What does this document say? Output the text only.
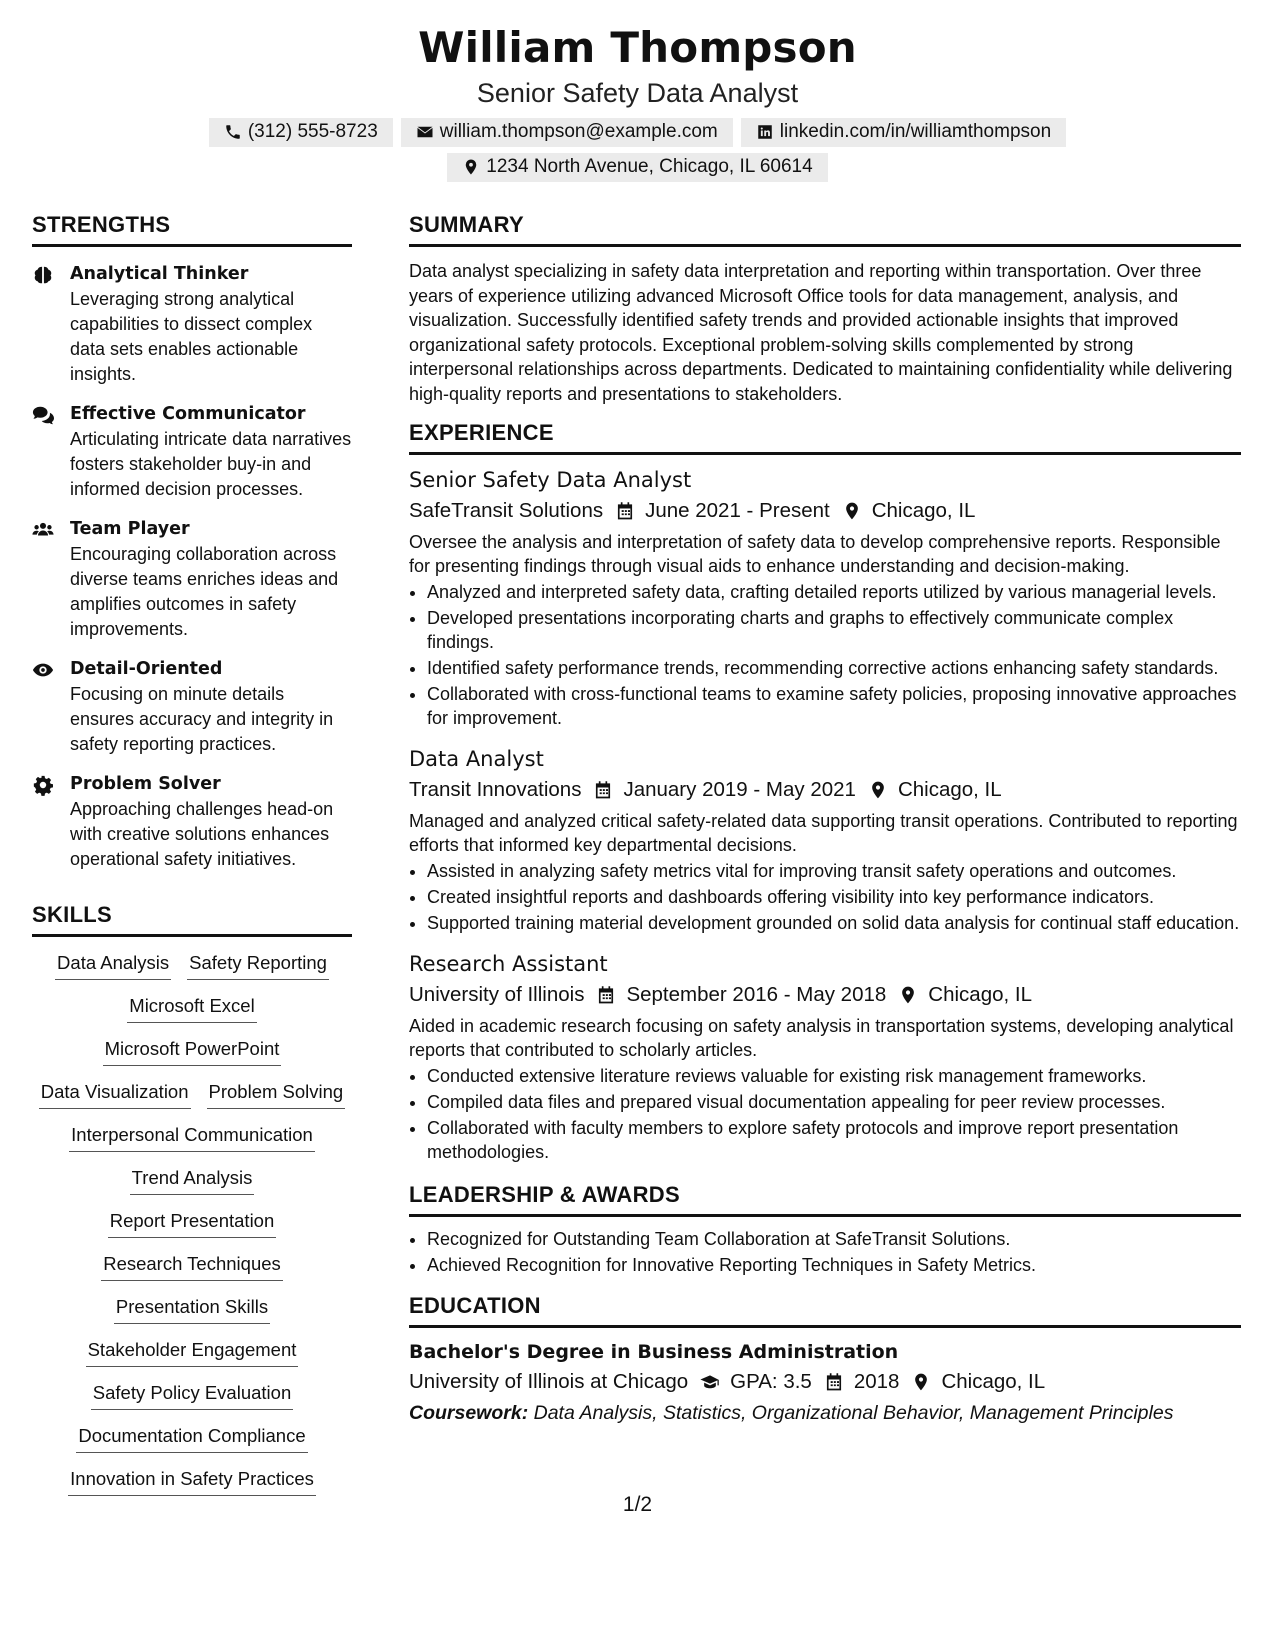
William Thompson
Senior Safety Data Analyst
(312) 555-8723	william.thompson@example.com	linkedin.com/in/williamthompson
1234 North Avenue, Chicago, IL 60614
STRENGTHS
Analytical Thinker
Leveraging strong analytical capabilities to dissect complex data sets enables actionable insights.
Effective Communicator
Articulating intricate data narratives fosters stakeholder buy-in and informed decision processes.
Team Player
Encouraging collaboration across diverse teams enriches ideas and amplifies outcomes in safety improvements.
Detail-Oriented
Focusing on minute details ensures accuracy and integrity in safety reporting practices.
Problem Solver
Approaching challenges head-on with creative solutions enhances operational safety initiatives.
SKILLS
Data Analysis Safety Reporting
Microsoft Excel
Microsoft PowerPoint
Data Visualization Problem Solving
Interpersonal Communication
Trend Analysis
Report Presentation
Research Techniques
Presentation Skills
Stakeholder Engagement
Safety Policy Evaluation
Documentation Compliance
Innovation in Safety Practices
SUMMARY
Data analyst specializing in safety data interpretation and reporting within transportation. Over three years of experience utilizing advanced Microsoft Office tools for data management, analysis, and visualization. Successfully identified safety trends and provided actionable insights that improved organizational safety protocols. Exceptional problem-solving skills complemented by strong interpersonal relationships across departments. Dedicated to maintaining confidentiality while delivering high-quality reports and presentations to stakeholders.
EXPERIENCE
Senior Safety Data Analyst
SafeTransit Solutions June 2021 - Present Chicago, IL
Oversee the analysis and interpretation of safety data to develop comprehensive reports. Responsible for presenting findings through visual aids to enhance understanding and decision-making.
• Analyzed and interpreted safety data, crafting detailed reports utilized by various managerial levels.
• Developed presentations incorporating charts and graphs to effectively communicate complex findings.
• Identified safety performance trends, recommending corrective actions enhancing safety standards.
• Collaborated with cross-functional teams to examine safety policies, proposing innovative approaches for improvement.
Data Analyst
Transit Innovations January 2019 - May 2021 Chicago, IL
Managed and analyzed critical safety-related data supporting transit operations. Contributed to reporting efforts that informed key departmental decisions.
• Assisted in analyzing safety metrics vital for improving transit safety operations and outcomes.
• Created insightful reports and dashboards offering visibility into key performance indicators.
• Supported training material development grounded on solid data analysis for continual staff education.
Research Assistant
University of Illinois September 2016 - May 2018 Chicago, IL
Aided in academic research focusing on safety analysis in transportation systems, developing analytical reports that contributed to scholarly articles.
• Conducted extensive literature reviews valuable for existing risk management frameworks.
• Compiled data files and prepared visual documentation appealing for peer review processes.
• Collaborated with faculty members to explore safety protocols and improve report presentation methodologies.
LEADERSHIP & AWARDS
• Recognized for Outstanding Team Collaboration at SafeTransit Solutions.
• Achieved Recognition for Innovative Reporting Techniques in Safety Metrics.
EDUCATION
Bachelor's Degree in Business Administration
University of Illinois at Chicago GPA: 3.5 2018 Chicago, IL
Coursework: Data Analysis, Statistics, Organizational Behavior, Management Principles
1/2
